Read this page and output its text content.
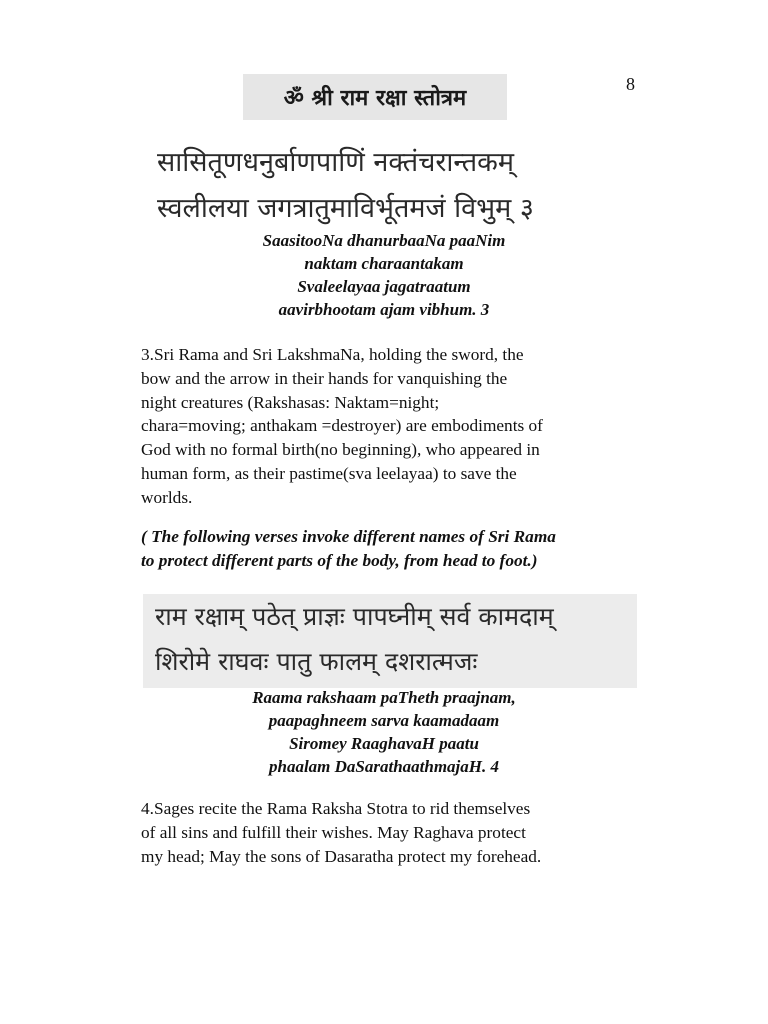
8
ॐ श्री राम रक्षा स्तोत्रम
सासितूणधनुर्बाणपाणिं नक्तंचरान्तकम्
स्वलीलया जगत्रातुमाविर्भूतमजं विभुम् ३
SaasitooNa dhanurbaaNa paaNim
naktam charaantakam
Svaleelayaa jagatraatum
aavirbhootam ajam vibhum. 3
3.Sri Rama and Sri LakshmaNa, holding the sword, the
bow and the arrow in their hands for vanquishing the
night creatures (Rakshasas: Naktam=night;
chara=moving; anthakam =destroyer) are embodiments of
God with no formal birth(no beginning), who appeared in
human form, as their pastime(sva leelayaa) to save the
worlds.
( The following verses invoke different names of Sri Rama
to protect different parts of the body, from head to foot.)
राम रक्षाम् पठेत् प्राज्ञः पापघ्नीम् सर्व कामदाम्
शिरोमे राघवः पातु फालम् दशरात्मजः
Raama rakshaam paTheth praajnam,
paapaghneem sarva kaamadaam
Siromey RaaghavaH paatu
phaalam DaSarathaathmajaH. 4
4.Sages recite the Rama Raksha Stotra to rid themselves
of all sins and fulfill their wishes. May Raghava protect
my head; May the sons of Dasaratha protect my forehead.
